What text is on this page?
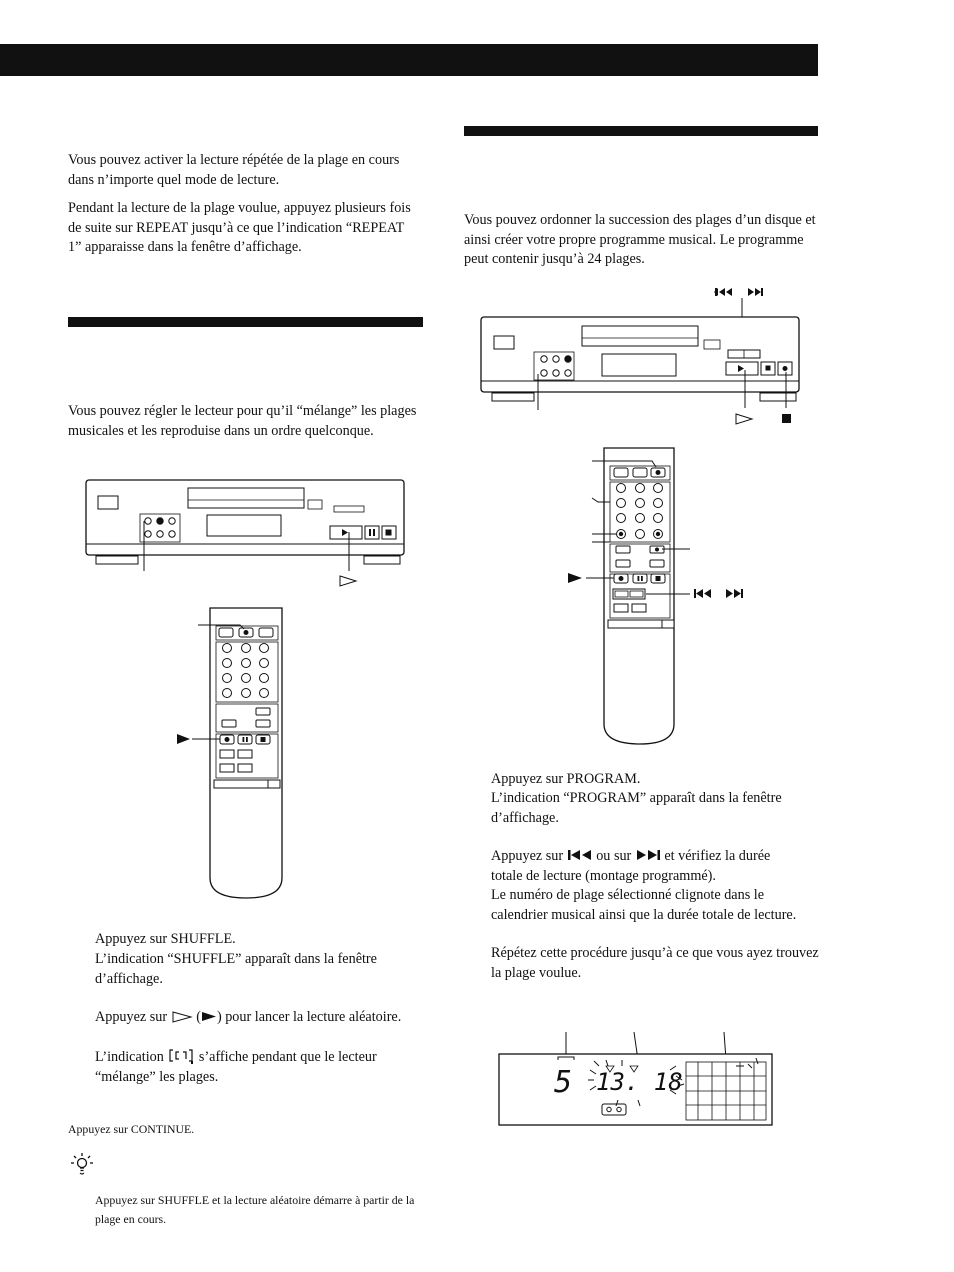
Vous pouvez activer la lecture répétée de la plage en cours dans n’importe quel mode de lecture.
Pendant la lecture de la plage voulue, appuyez plusieurs fois de suite sur REPEAT jusqu’à ce que l’indication “REPEAT 1” apparaisse dans la fenêtre d’affichage.
Vous pouvez régler le lecteur pour qu’il “mélange” les plages musicales et les reproduise dans un ordre quelconque.
Appuyez sur SHUFFLE.
L’indication “SHUFFLE” apparaît dans la fenêtre d’affichage.
Appuyez sur ( ) pour lancer la lecture aléatoire.
L’indication s’affiche pendant que le lecteur “mélange” les plages.
Appuyez sur CONTINUE.
Appuyez sur SHUFFLE et la lecture aléatoire démarre à partir de la plage en cours.
Vous pouvez ordonner la succession des plages d’un disque et ainsi créer votre propre programme musical. Le programme peut contenir jusqu’à 24 plages.
Appuyez sur PROGRAM.
L’indication “PROGRAM” apparaît dans la fenêtre d’affichage.
Appuyez sur ou sur et vérifiez la durée
totale de lecture (montage programmé).
Le numéro de plage sélectionné clignote dans le calendrier musical ainsi que la durée totale de lecture.
Répétez cette procédure jusqu’à ce que vous ayez trouvez la plage voulue.
5 13. 18
